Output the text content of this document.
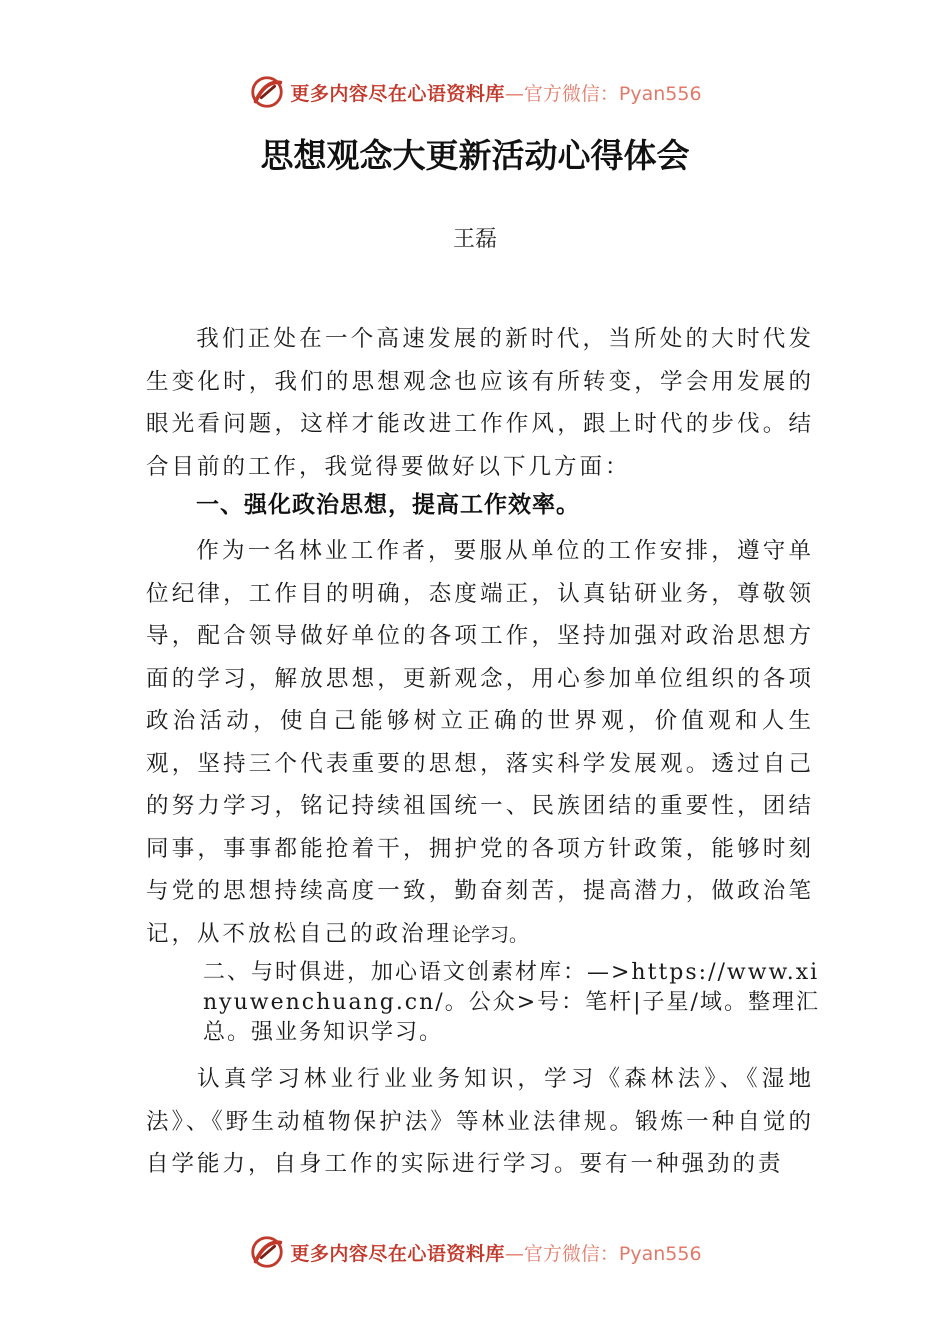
更多内容尽在心语资料库 —官方微信：Pyan556
思想观念大更新活动心得体会
王磊

我们正处在一个高速发展的新时代，当所处的大时代发生变化时，我们的思想观念也应该有所转变，学会用发展的眼光看问题，这样才能改进工作作风，跟上时代的步伐。结合目前的工作，我觉得要做好以下几方面：

一、强化政治思想，提高工作效率。

作为一名林业工作者，要服从单位的工作安排，遵守单位纪律，工作目的明确，态度端正，认真钻研业务，尊敬领导，配合领导做好单位的各项工作，坚持加强对政治思想方面的学习，解放思想，更新观念，用心参加单位组织的各项政治活动，使自己能够树立正确的世界观，价值观和人生观，坚持三个代表重要的思想，落实科学发展观。透过自己的努力学习，铭记持续祖国统一、民族团结的重要性，团结同事，事事都能抢着干，拥护党的各项方针政策，能够时刻与党的思想持续高度一致，勤奋刻苦，提高潜力，做政治笔记，从不放松自己的政治理论学习。

二、与时俱进，加心语文创素材库：—>https://www.xinyuwenchuang.cn/。公众>号：笔杆|子星/域。整理汇总。强业务知识学习。

认真学习林业行业业务知识，学习《森林法》、《湿地法》、《野生动植物保护法》等林业法律规。锻炼一种自觉的自学能力，自身工作的实际进行学习。要有一种强劲的责

更多内容尽在心语资料库 —官方微信：Pyan556
